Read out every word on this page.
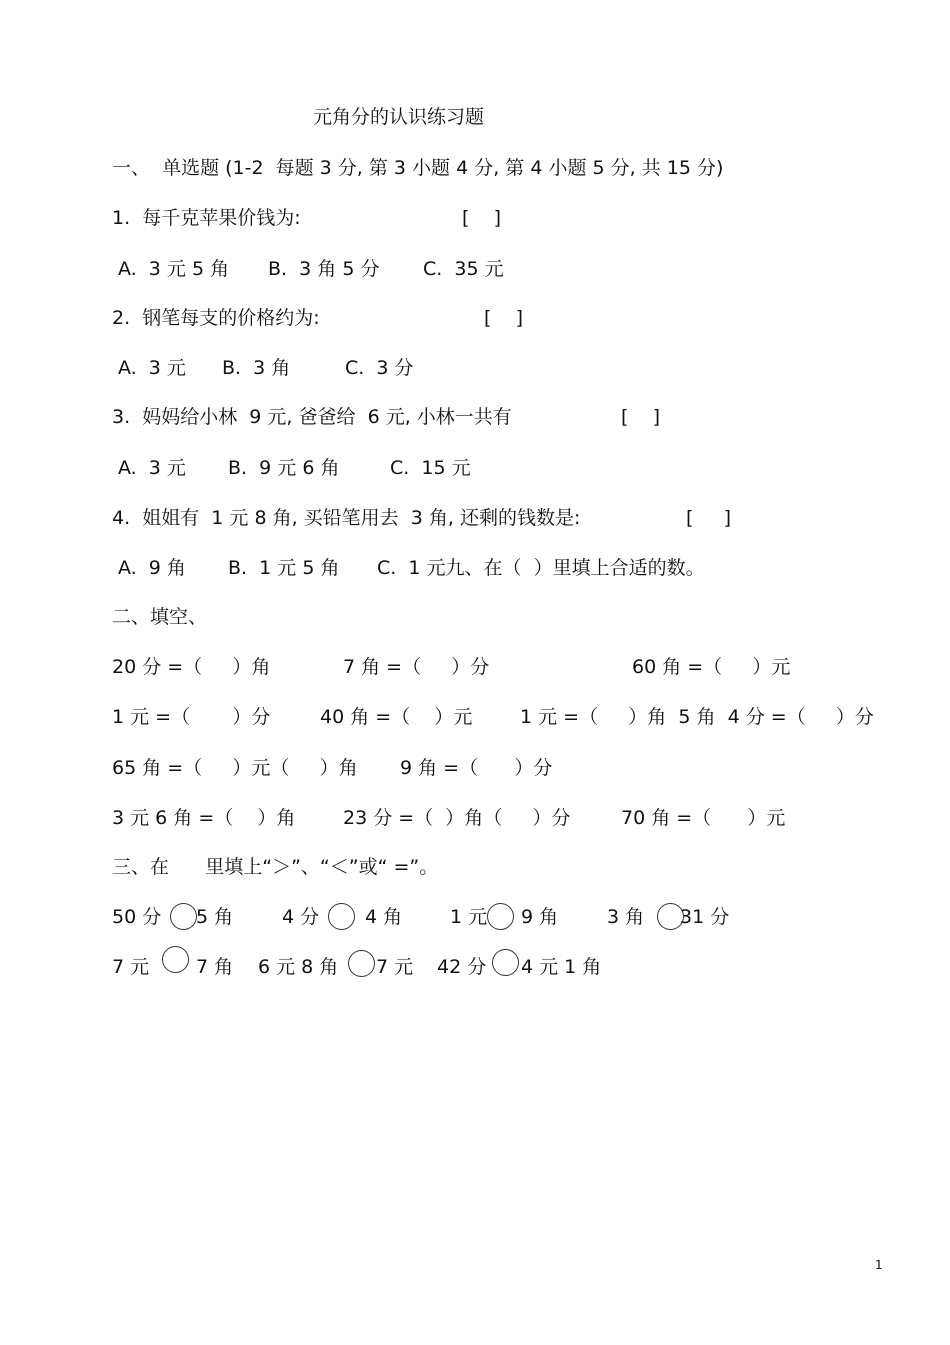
元角分的认识练习题
一、  单选题 (1-2  每题 3 分, 第 3 小题 4 分, 第 4 小题 5 分, 共 15 分)
1.  每千克苹果价钱为:	[    ]
A.  3 元 5 角 B.  3 角 5 分 C.  35 元
2.  钢笔每支的价格约为:	[    ]
A.  3 元 B.  3 角	C.  3 分
3.  妈妈给小林  9 元, 爸爸给  6 元, 小林一共有	[    ]
A.  3 元 B.  9 元 6 角	C.  15 元
4.  姐姐有  1 元 8 角, 买铅笔用去  3 角, 还剩的钱数是:	[     ]
A.  9 角 B.  1 元 5 角 C.  1 元九、在（  ）里填上合适的数。
二、填空、
20 分 =（     ）角	7 角 =（     ）分	60 角 =（     ）元
1 元 =（       ）分	40 角 =（    ）元	1 元 =（     ）角  5 角  4 分 =（     ）分
65 角 =（     ）元（     ）角 9 角 =（      ）分
3 元 6 角 =（    ）角	23 分 =（  ）角（     ）分	70 角 =（      ）元
三、在      里填上“＞”、“＜”或“ =”。
50 分 5 角	4 分 4 角	1 元 9 角	3 角 31 分
7 元 7 角 6 元 8 角 7 元 42 分 4 元 1 角
1
